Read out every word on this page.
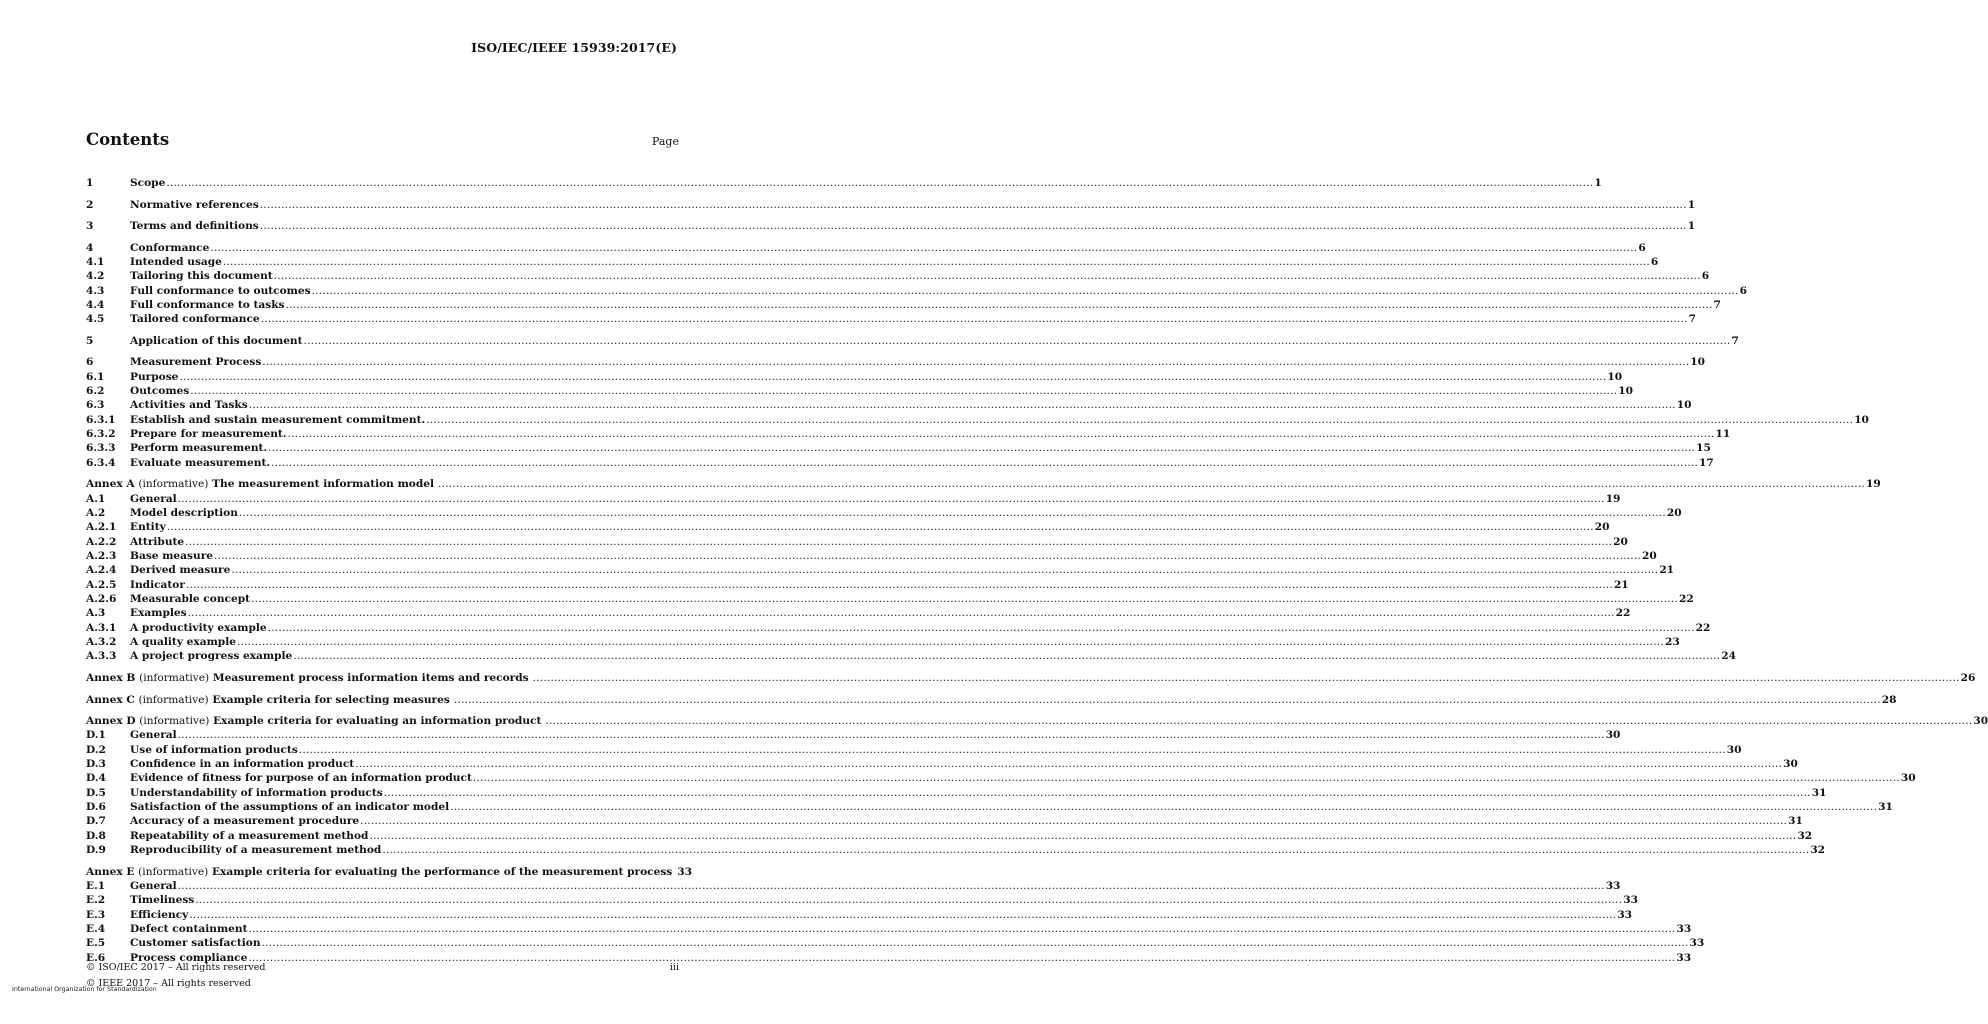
ISO/IEC/IEEE 15939:2017(E)
Contents	Page
1	Scope ................................................................................................................................................................................................................................................................................................................................................................................................................ 1
2	Normative references ................................................................................................................................................................................................................................................................................................................................................................................................................ 1
3	Terms and definitions ................................................................................................................................................................................................................................................................................................................................................................................................................ 1
4	Conformance ................................................................................................................................................................................................................................................................................................................................................................................................................ 6
4.1	Intended usage ................................................................................................................................................................................................................................................................................................................................................................................................................ 6
4.2	Tailoring this document ................................................................................................................................................................................................................................................................................................................................................................................................................ 6
4.3	Full conformance to outcomes ................................................................................................................................................................................................................................................................................................................................................................................................................ 6
4.4	Full conformance to tasks ................................................................................................................................................................................................................................................................................................................................................................................................................ 7
4.5	Tailored conformance ................................................................................................................................................................................................................................................................................................................................................................................................................ 7
5	Application of this document ................................................................................................................................................................................................................................................................................................................................................................................................................ 7
6	Measurement Process ................................................................................................................................................................................................................................................................................................................................................................................................................ 10
6.1	Purpose ................................................................................................................................................................................................................................................................................................................................................................................................................ 10
6.2	Outcomes ................................................................................................................................................................................................................................................................................................................................................................................................................ 10
6.3	Activities and Tasks ................................................................................................................................................................................................................................................................................................................................................................................................................ 10
6.3.1	Establish and sustain measurement commitment. ................................................................................................................................................................................................................................................................................................................................................................................................................ 10
6.3.2	Prepare for measurement. ................................................................................................................................................................................................................................................................................................................................................................................................................ 11
6.3.3	Perform measurement. ................................................................................................................................................................................................................................................................................................................................................................................................................ 15
6.3.4	Evaluate measurement. ................................................................................................................................................................................................................................................................................................................................................................................................................ 17
Annex A (informative) The measurement information model ................................................................................................................................................................................................................................................................................................................................................................................................................ 19
A.1	General ................................................................................................................................................................................................................................................................................................................................................................................................................ 19
A.2	Model description ................................................................................................................................................................................................................................................................................................................................................................................................................ 20
A.2.1	Entity ................................................................................................................................................................................................................................................................................................................................................................................................................ 20
A.2.2	Attribute ................................................................................................................................................................................................................................................................................................................................................................................................................ 20
A.2.3	Base measure ................................................................................................................................................................................................................................................................................................................................................................................................................ 20
A.2.4	Derived measure ................................................................................................................................................................................................................................................................................................................................................................................................................ 21
A.2.5	Indicator ................................................................................................................................................................................................................................................................................................................................................................................................................ 21
A.2.6	Measurable concept ................................................................................................................................................................................................................................................................................................................................................................................................................ 22
A.3	Examples ................................................................................................................................................................................................................................................................................................................................................................................................................ 22
A.3.1	A productivity example ................................................................................................................................................................................................................................................................................................................................................................................................................ 22
A.3.2	A quality example ................................................................................................................................................................................................................................................................................................................................................................................................................ 23
A.3.3	A project progress example ................................................................................................................................................................................................................................................................................................................................................................................................................ 24
Annex B (informative) Measurement process information items and records ................................................................................................................................................................................................................................................................................................................................................................................................................ 26
Annex C (informative) Example criteria for selecting measures ................................................................................................................................................................................................................................................................................................................................................................................................................ 28
Annex D (informative) Example criteria for evaluating an information product ................................................................................................................................................................................................................................................................................................................................................................................................................ 30
D.1	General ................................................................................................................................................................................................................................................................................................................................................................................................................ 30
D.2	Use of information products ................................................................................................................................................................................................................................................................................................................................................................................................................ 30
D.3	Confidence in an information product ................................................................................................................................................................................................................................................................................................................................................................................................................ 30
D.4	Evidence of fitness for purpose of an information product ................................................................................................................................................................................................................................................................................................................................................................................................................ 30
D.5	Understandability of information products ................................................................................................................................................................................................................................................................................................................................................................................................................ 31
D.6	Satisfaction of the assumptions of an indicator model ................................................................................................................................................................................................................................................................................................................................................................................................................ 31
D.7	Accuracy of a measurement procedure ................................................................................................................................................................................................................................................................................................................................................................................................................ 31
D.8	Repeatability of a measurement method ................................................................................................................................................................................................................................................................................................................................................................................................................ 32
D.9	Reproducibility of a measurement method ................................................................................................................................................................................................................................................................................................................................................................................................................ 32
Annex E (informative) Example criteria for evaluating the performance of the measurement process 33
E.1	General ................................................................................................................................................................................................................................................................................................................................................................................................................ 33
E.2	Timeliness ................................................................................................................................................................................................................................................................................................................................................................................................................ 33
E.3	Efficiency ................................................................................................................................................................................................................................................................................................................................................................................................................ 33
E.4	Defect containment ................................................................................................................................................................................................................................................................................................................................................................................................................ 33
E.5	Customer satisfaction ................................................................................................................................................................................................................................................................................................................................................................................................................ 33
E.6	Process compliance ................................................................................................................................................................................................................................................................................................................................................................................................................ 33
© ISO/IEC 2017 – All rights reserved	iii
© IEEE 2017 – All rights reserved
International Organization for Standardization
